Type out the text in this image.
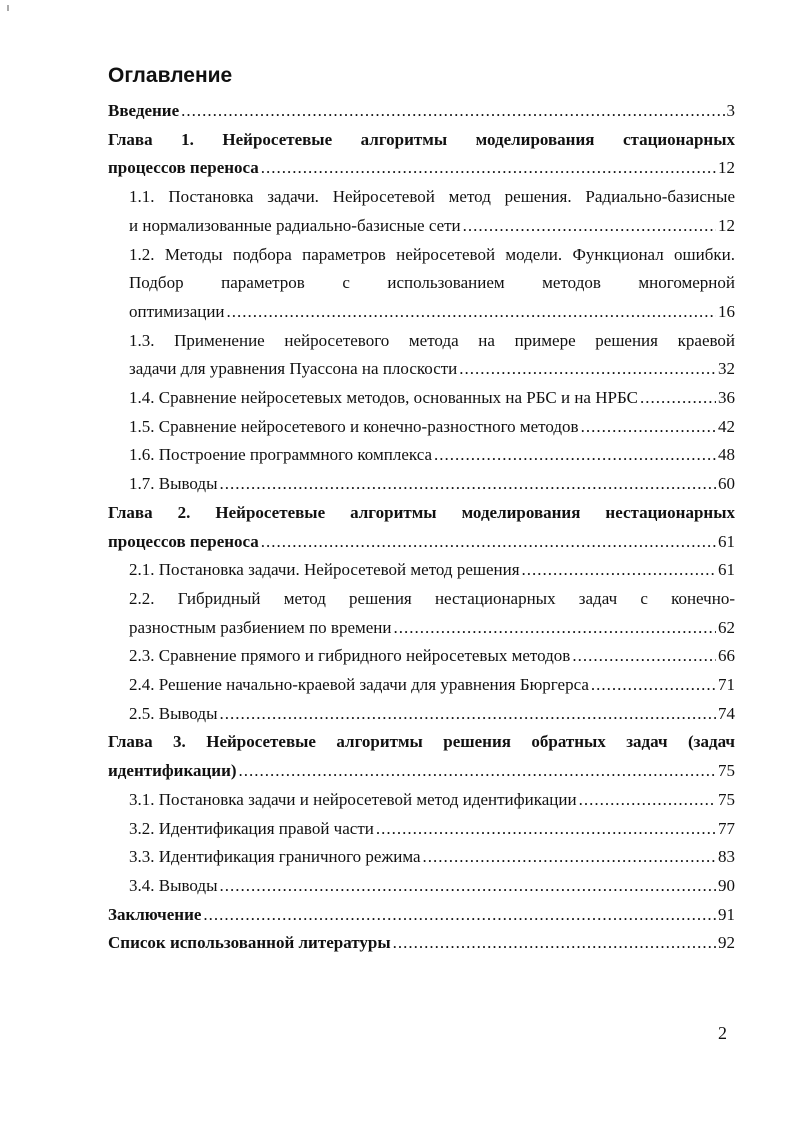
Оглавление
Введение .....	3
Глава 1. Нейросетевые алгоритмы моделирования стационарных
процессов переноса .....	12
1.1. Постановка задачи. Нейросетевой метод решения. Радиально-базисные
и нормализованные радиально-базисные сети .....	12
1.2. Методы подбора параметров нейросетевой модели. Функционал ошибки. Подбор параметров с использованием методов многомерной
оптимизации .....	16
1.3. Применение нейросетевого метода на примере решения краевой
задачи для уравнения Пуассона на плоскости .....	32
1.4. Сравнение нейросетевых методов, основанных на РБС и на НРБС .....	36
1.5. Сравнение нейросетевого и конечно-разностного методов .....	42
1.6. Построение программного комплекса .....	48
1.7. Выводы .....	60
Глава 2. Нейросетевые алгоритмы моделирования нестационарных
процессов переноса .....	61
2.1. Постановка задачи. Нейросетевой метод решения .....	61
2.2. Гибридный метод решения нестационарных задач с конечно-
разностным разбиением по времени .....	62
2.3. Сравнение прямого и гибридного нейросетевых методов .....	66
2.4. Решение начально-краевой задачи для уравнения Бюргерса .....	71
2.5. Выводы .....	74
Глава 3. Нейросетевые алгоритмы решения обратных задач (задач
идентификации) .....	75
3.1. Постановка задачи и нейросетевой метод идентификации .....	75
3.2. Идентификация правой части .....	77
3.3. Идентификация граничного режима .....	83
3.4. Выводы .....	90
Заключение .....	91
Список использованной литературы .....	92
2
